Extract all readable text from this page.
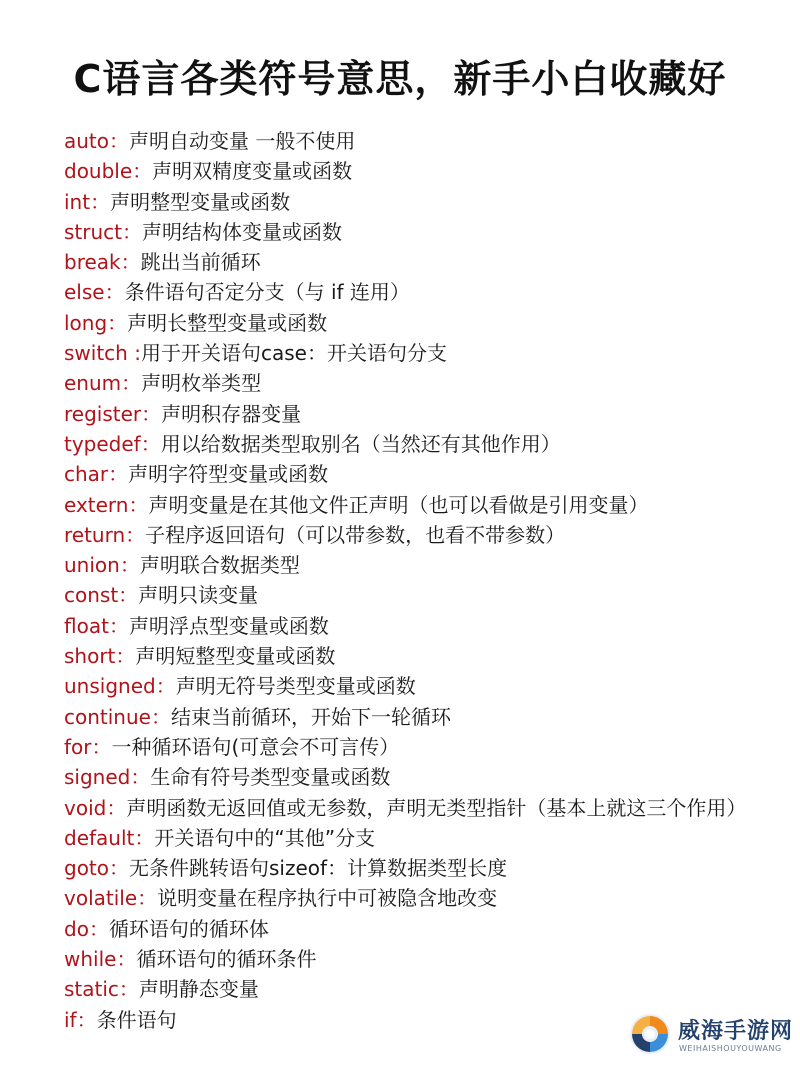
C语言各类符号意思，新手小白收藏好
auto：声明自动变量 一般不使用
double：声明双精度变量或函数
int：声明整型变量或函数
struct：声明结构体变量或函数
break：跳出当前循环
else：条件语句否定分支（与 if 连用）
long：声明长整型变量或函数
switch :用于开关语句case：开关语句分支
enum：声明枚举类型
register：声明积存器变量
typedef：用以给数据类型取别名（当然还有其他作用）
char：声明字符型变量或函数
extern：声明变量是在其他文件正声明（也可以看做是引用变量）
return：子程序返回语句（可以带参数，也看不带参数）
union：声明联合数据类型
const：声明只读变量
float：声明浮点型变量或函数
short：声明短整型变量或函数
unsigned：声明无符号类型变量或函数
continue：结束当前循环，开始下一轮循环
for：一种循环语句(可意会不可言传）
signed：生命有符号类型变量或函数
void：声明函数无返回值或无参数，声明无类型指针（基本上就这三个作用）
default：开关语句中的“其他”分支
goto：无条件跳转语句sizeof：计算数据类型长度
volatile：说明变量在程序执行中可被隐含地改变
do：循环语句的循环体
while：循环语句的循环条件
static：声明静态变量
if：条件语句	威海手游网
WEIHAISHOUYOUWANG
